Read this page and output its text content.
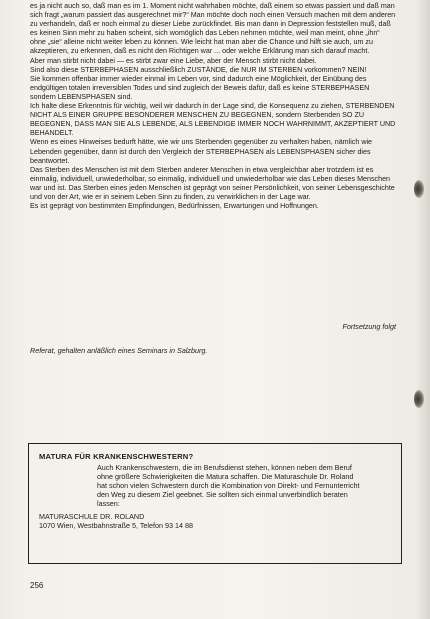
es ja nicht auch so, daß man es im 1. Moment nicht wahrhaben möchte, daß einem so etwas passiert und daß man sich fragt „warum passiert das ausgerechnet mir?“ Man möchte doch noch einen Versuch machen mit dem anderen zu verhandeln, daß er noch einmal zu dieser Liebe zurückfindet. Bis man dann in Depression feststellen muß, daß es keinen Sinn mehr zu haben scheint, sich womöglich das Leben nehmen möchte, weil man meint, ohne „ihn“ ohne „sie“ alleine nicht weiter leben zu können. Wie leicht hat man aber die Chance und hilft sie auch, um zu akzeptieren, zu erkennen, daß es nicht den Richtigen war ... oder welche Erklärung man sich darauf macht.

Aber man stirbt nicht dabei — es stirbt zwar eine Liebe, aber der Mensch stirbt nicht dabei.

Sind also diese STERBEPHASEN ausschließlich ZUSTÄNDE, die NUR IM STERBEN vorkommen? NEIN!

Sie kommen offenbar immer wieder einmal im Leben vor, sind dadurch eine Möglichkeit, der Einübung des endgültigen totalen irreversiblen Todes und sind zugleich der Beweis dafür, daß es keine STERBEPHASEN sondern LEBENSPHASEN sind.

Ich halte diese Erkenntnis für wichtig, weil wir dadurch in der Lage sind, die Konsequenz zu ziehen, STERBENDEN NICHT ALS EINER GRUPPE BESONDERER MENSCHEN ZU BEGEGNEN, sondern Sterbenden SO ZU BEGEGNEN, DASS MAN SIE ALS LEBENDE, ALS LEBENDIGE IMMER NOCH WAHRNIMMT, AKZEPTIERT UND BEHANDELT.

Wenn es eines Hinweises bedurft hätte, wie wir uns Sterbenden gegenüber zu verhalten haben, nämlich wie Lebenden gegenüber, dann ist durch den Vergleich der STERBEPHASEN als LEBENSPHASEN sicher dies beantwortet.

Das Sterben des Menschen ist mit dem Sterben anderer Menschen in etwa vergleichbar aber trotzdem ist es einmalig, individuell, unwiederholbar, so einmalig, individuell und unwiederholbar wie das Leben dieses Menschen war und ist. Das Sterben eines jeden Menschen ist geprägt von seiner Persönlichkeit, von seiner Lebensgeschichte und von der Art, wie er in seinem Leben Sinn zu finden, zu verwirklichen in der Lage war.

Es ist geprägt von bestimmten Empfindungen, Bedürfnissen, Erwartungen und Hoffnungen.

Fortsetzung folgt
Referat, gehalten anläßlich eines Seminars in Salzburg.

MATURA FÜR KRANKENSCHWESTERN?

Auch Krankenschwestern, die im Berufsdienst stehen, können neben dem Beruf ohne größere Schwierigkeiten die Matura schaffen. Die Maturaschule Dr. Roland hat schon vielen Schwestern durch die Kombination von Direkt- und Fernunterricht den Weg zu diesem Ziel geebnet. Sie sollten sich einmal unverbindlich beraten lassen:

MATURASCHULE DR. ROLAND

1070 Wien, Westbahnstraße 5, Telefon 93 14 88

256
